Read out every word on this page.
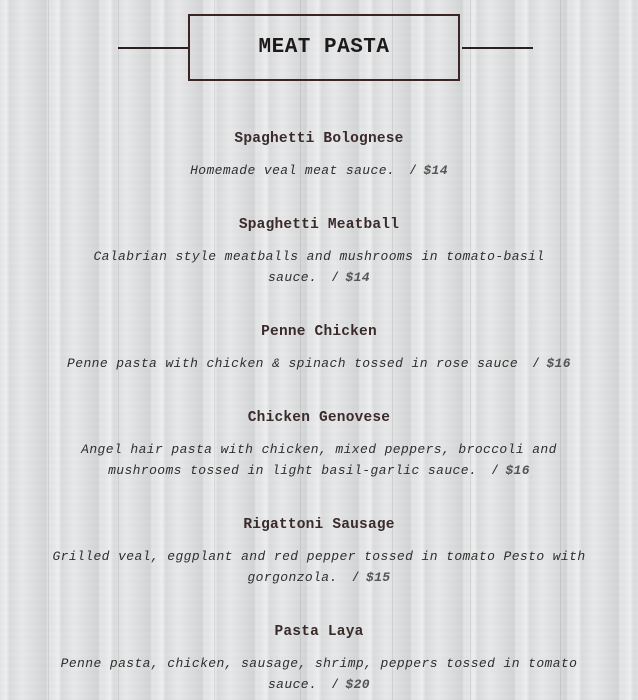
MEAT PASTA

Spaghetti Bolognese

Homemade veal meat sauce. / $14

Spaghetti Meatball

Calabrian style meatballs and mushrooms in tomato-basil sauce. / $14

Penne Chicken

Penne pasta with chicken & spinach tossed in rose sauce / $16

Chicken Genovese

Angel hair pasta with chicken, mixed peppers, broccoli and mushrooms tossed in light basil-garlic sauce. / $16

Rigattoni Sausage

Grilled veal, eggplant and red pepper tossed in tomato Pesto with gorgonzola. / $15

Pasta Laya

Penne pasta, chicken, sausage, shrimp, peppers tossed in tomato sauce. / $20
